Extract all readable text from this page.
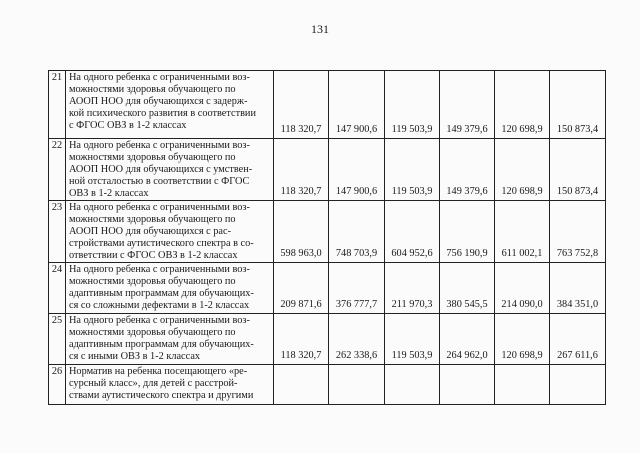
131
21	На одного ребенка с ограниченными воз-
можностями здоровья обучающего по
АООП НОО для обучающихся с задерж-
кой психического развития в соответствии
с ФГОС ОВЗ в 1-2 классах	118 320,7	147 900,6	119 503,9	149 379,6	120 698,9	150 873,4
22	На одного ребенка с ограниченными воз-
можностями здоровья обучающего по
АООП НОО для обучающихся с умствен-
ной отсталостью в соответствии с ФГОС
ОВЗ в 1-2 классах	118 320,7	147 900,6	119 503,9	149 379,6	120 698,9	150 873,4
23	На одного ребенка с ограниченными воз-
можностями здоровья обучающего по
АООП НОО для обучающихся с рас-
стройствами аутистического спектра в со-
ответствии с ФГОС ОВЗ в 1-2 классах	598 963,0	748 703,9	604 952,6	756 190,9	611 002,1	763 752,8
24	На одного ребенка с ограниченными воз-
можностями здоровья обучающего по
адаптивным программам для обучающих-
ся со сложными дефектами в 1-2 классах	209 871,6	376 777,7	211 970,3	380 545,5	214 090,0	384 351,0
25	На одного ребенка с ограниченными воз-
можностями здоровья обучающего по
адаптивным программам для обучающих-
ся с иными ОВЗ в 1-2 классах	118 320,7	262 338,6	119 503,9	264 962,0	120 698,9	267 611,6
26	Норматив на ребенка посещающего «ре-
сурсный класс», для детей с расстрой-
ствами аутистического спектра и другими						
